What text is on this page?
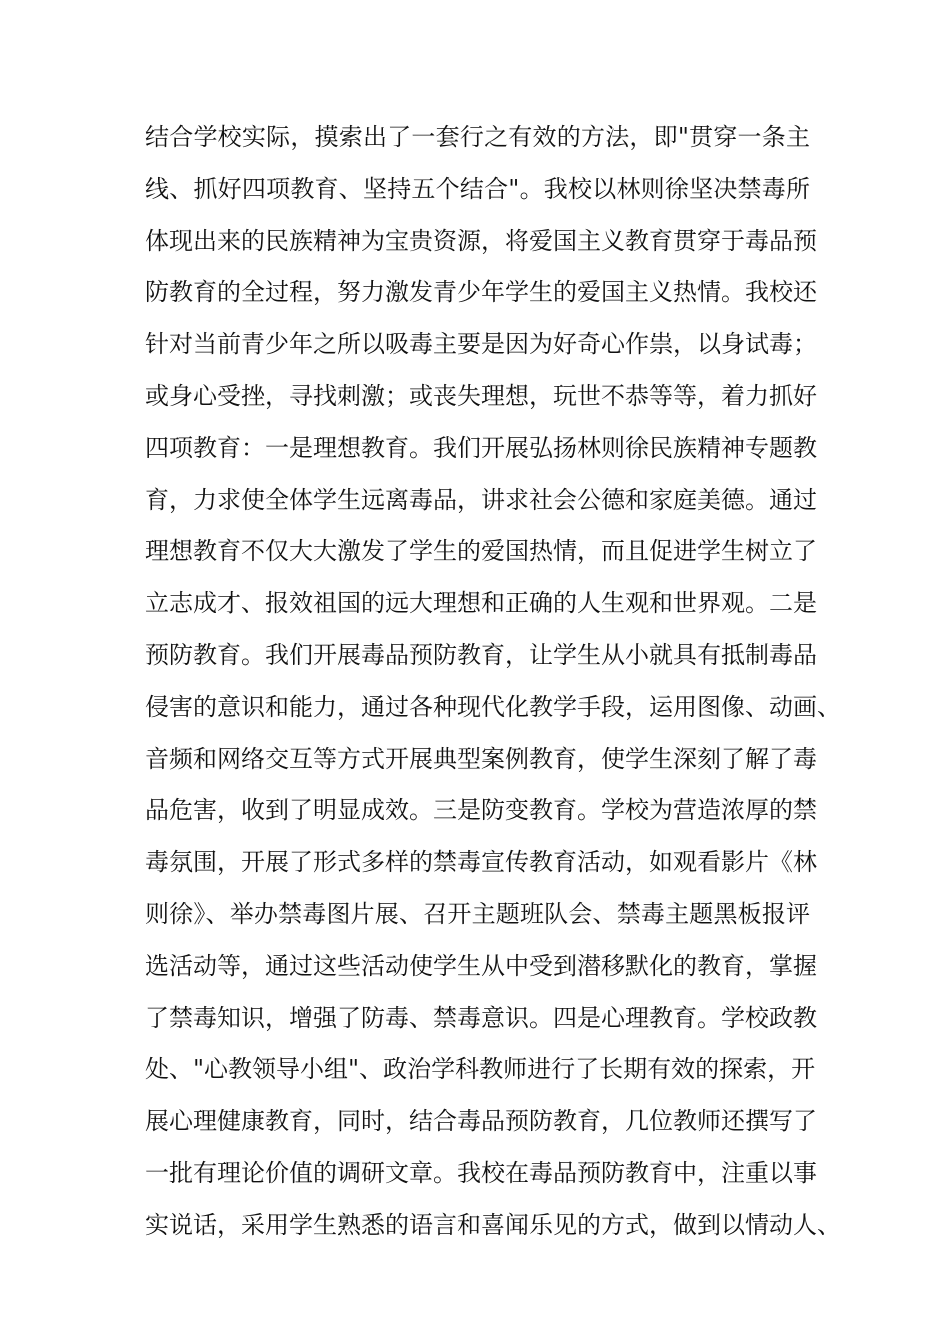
结合学校实际，摸索出了一套行之有效的方法，即"贯穿一条主
线、抓好四项教育、坚持五个结合"。我校以林则徐坚决禁毒所
体现出来的民族精神为宝贵资源，将爱国主义教育贯穿于毒品预
防教育的全过程，努力激发青少年学生的爱国主义热情。我校还
针对当前青少年之所以吸毒主要是因为好奇心作祟，以身试毒；
或身心受挫，寻找刺激；或丧失理想，玩世不恭等等，着力抓好
四项教育：一是理想教育。我们开展弘扬林则徐民族精神专题教
育，力求使全体学生远离毒品，讲求社会公德和家庭美德。通过
理想教育不仅大大激发了学生的爱国热情，而且促进学生树立了
立志成才、报效祖国的远大理想和正确的人生观和世界观。二是
预防教育。我们开展毒品预防教育，让学生从小就具有抵制毒品
侵害的意识和能力，通过各种现代化教学手段，运用图像、动画、
音频和网络交互等方式开展典型案例教育，使学生深刻了解了毒
品危害，收到了明显成效。三是防变教育。学校为营造浓厚的禁
毒氛围，开展了形式多样的禁毒宣传教育活动，如观看影片《林
则徐》、举办禁毒图片展、召开主题班队会、禁毒主题黑板报评
选活动等，通过这些活动使学生从中受到潜移默化的教育，掌握
了禁毒知识，增强了防毒、禁毒意识。四是心理教育。学校政教
处、"心教领导小组"、政治学科教师进行了长期有效的探索，开
展心理健康教育，同时，结合毒品预防教育，几位教师还撰写了
一批有理论价值的调研文章。我校在毒品预防教育中，注重以事
实说话，采用学生熟悉的语言和喜闻乐见的方式，做到以情动人、
